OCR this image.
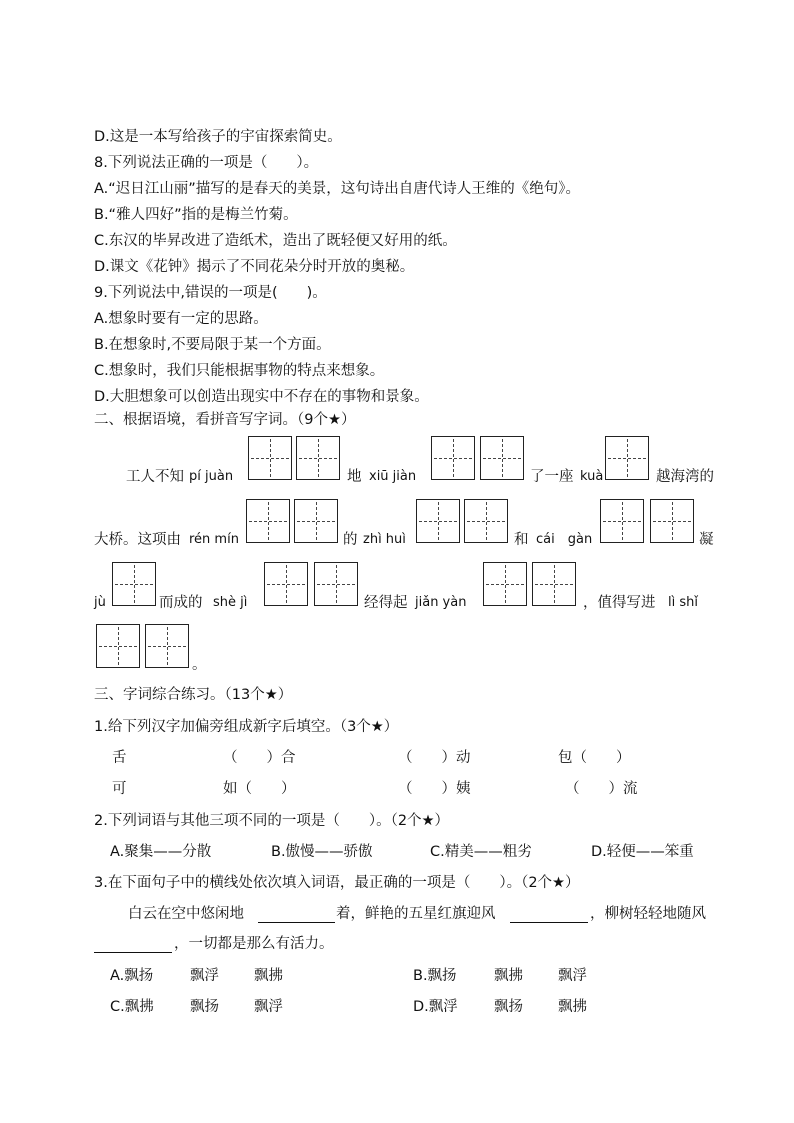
D.这是一本写给孩子的宇宙探索简史。
8.下列说法正确的一项是（　　）。
A.“迟日江山丽”描写的是春天的美景，这句诗出自唐代诗人王维的《绝句》。
B.“雅人四好”指的是梅兰竹菊。
C.东汉的毕昇改进了造纸术，造出了既轻便又好用的纸。
D.课文《花钟》揭示了不同花朵分时开放的奥秘。
9.下列说法中,错误的一项是(　　)。
A.想象时要有一定的思路。
B.在想象时,不要局限于某一个方面。
C.想象时，我们只能根据事物的特点来想象。
D.大胆想象可以创造出现实中不存在的事物和景象。
二、根据语境，看拼音写字词。（9个★）
工人不知 pí juàn	地 xiū jiàn	了一座 kuà	越海湾的
大桥。这项由 rén mín	的 zhì huì	和 cái　gàn	凝
jù	而成的 shè jì	经得起 jiǎn yàn	，值得写进 lì shǐ
。
三、字词综合练习。（13个★）
1.给下列汉字加偏旁组成新字后填空。（3个★）
舌	（　　）合	（　　）动	包（　　）
可	如（　　）	（　　）姨	（　　）流
2.下列词语与其他三项不同的一项是（　　）。（2个★）
A.聚集——分散	B.傲慢——骄傲	C.精美——粗劣	D.轻便——笨重
3.在下面句子中的横线处依次填入词语，最正确的一项是（　　）。（2个★）
白云在空中悠闲地	着，鲜艳的五星红旗迎风	，柳树轻轻地随风
，一切都是那么有活力。
A.飘扬	飘浮 飘拂	B.飘扬	飘拂 飘浮
C.飘拂	飘扬 飘浮	D.飘浮 飘扬 飘拂
